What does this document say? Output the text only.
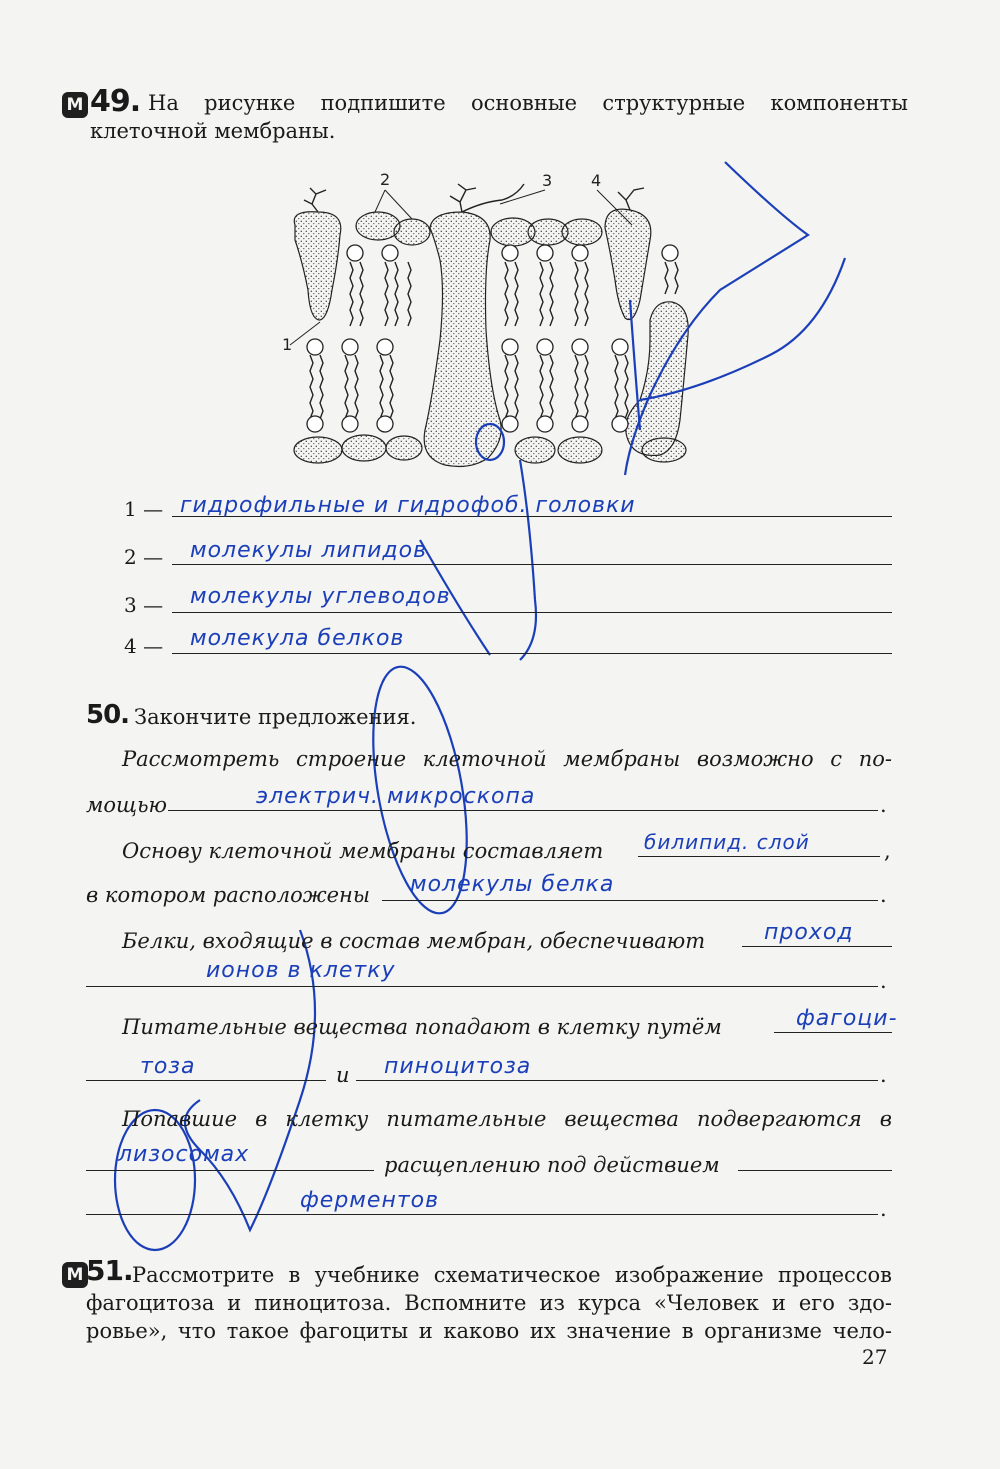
М 49. На рисунке подпишите основные структурные компоненты
клеточной мембраны.
1
2	3 4
1 — гидрофильные и гидрофоб. головки
2 — молекулы липидов
3 — молекулы углеводов
4 — молекула белков
50. Закончите предложения.
Рассмотреть строение клеточной мембраны возможно с по-
мощью	.
электрич. микроскопа
Основу клеточной мембраны составляет	,
билипид. слой
в котором расположены	.
молекулы белка
Белки, входящие в состав мембран, обеспечивают	проход
.
ионов в клетку
Питательные вещества попадают в клетку путём	фагоци-
тоза	и	.
пиноцитоза
Попавшие в клетку питательные вещества подвергаются в
лизосомах	расщеплению под действием
.
ферментов
М 51. Рассмотрите в учебнике схематическое изображение процессов
фагоцитоза и пиноцитоза. Вспомните из курса «Человек и его здо-
ровье», что такое фагоциты и каково их значение в организме чело-
27
